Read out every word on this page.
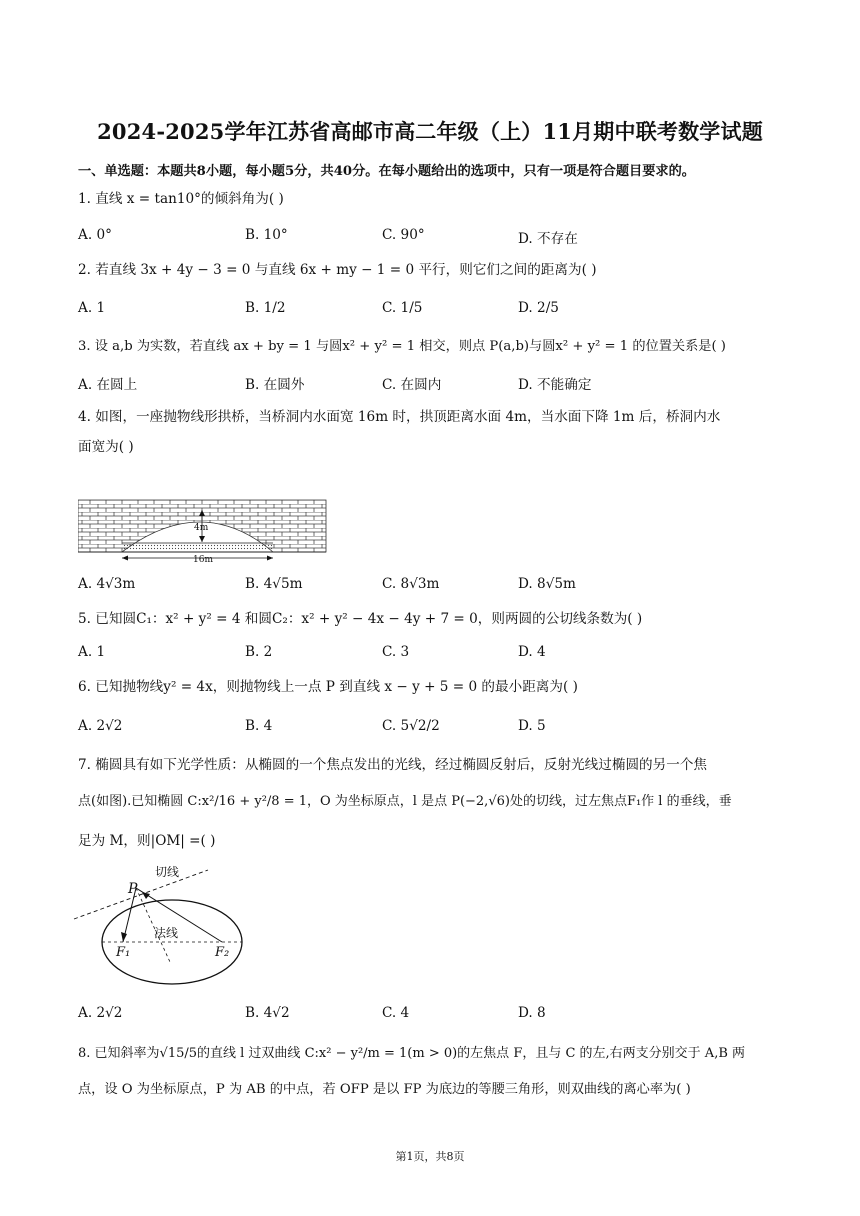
2024-2025学年江苏省高邮市高二年级（上）11月期中联考数学试题
一、单选题：本题共8小题，每小题5分，共40分。在每小题给出的选项中，只有一项是符合题目要求的。
1. 直线 x = tan10°的倾斜角为( )
A. 0°	B. 10°	C. 90°	D. 不存在
2. 若直线 3x + 4y − 3 = 0 与直线 6x + my − 1 = 0 平行，则它们之间的距离为( )
A. 1	B. 1/2	C. 1/5	D. 2/5
3. 设 a,b 为实数，若直线 ax + by = 1 与圆x² + y² = 1 相交，则点 P(a,b)与圆x² + y² = 1 的位置关系是( )
A. 在圆上	B. 在圆外	C. 在圆内	D. 不能确定
4. 如图，一座抛物线形拱桥，当桥洞内水面宽 16m 时，拱顶距离水面 4m，当水面下降 1m 后，桥洞内水
面宽为( )
4m
16m
A. 4√3m	B. 4√5m	C. 8√3m	D. 8√5m
5. 已知圆C₁：x² + y² = 4 和圆C₂：x² + y² − 4x − 4y + 7 = 0，则两圆的公切线条数为( )
A. 1	B. 2	C. 3	D. 4
6. 已知抛物线y² = 4x，则抛物线上一点 P 到直线 x − y + 5 = 0 的最小距离为( )
A. 2√2	B. 4	C. 5√2/2	D. 5
7. 椭圆具有如下光学性质：从椭圆的一个焦点发出的光线，经过椭圆反射后，反射光线过椭圆的另一个焦
点(如图).已知椭圆 C:x²/16 + y²/8 = 1，O 为坐标原点，l 是点 P(−2,√6)处的切线，过左焦点F₁作 l 的垂线，垂
足为 M，则|OM| =( )
切线
P
法线
F₁	F₂
A. 2√2	B. 4√2	C. 4	D. 8
8. 已知斜率为√15/5的直线 l 过双曲线 C:x² − y²/m = 1(m > 0)的左焦点 F，且与 C 的左,右两支分别交于 A,B 两
点，设 O 为坐标原点，P 为 AB 的中点，若 OFP 是以 FP 为底边的等腰三角形，则双曲线的离心率为( )
第1页，共8页
